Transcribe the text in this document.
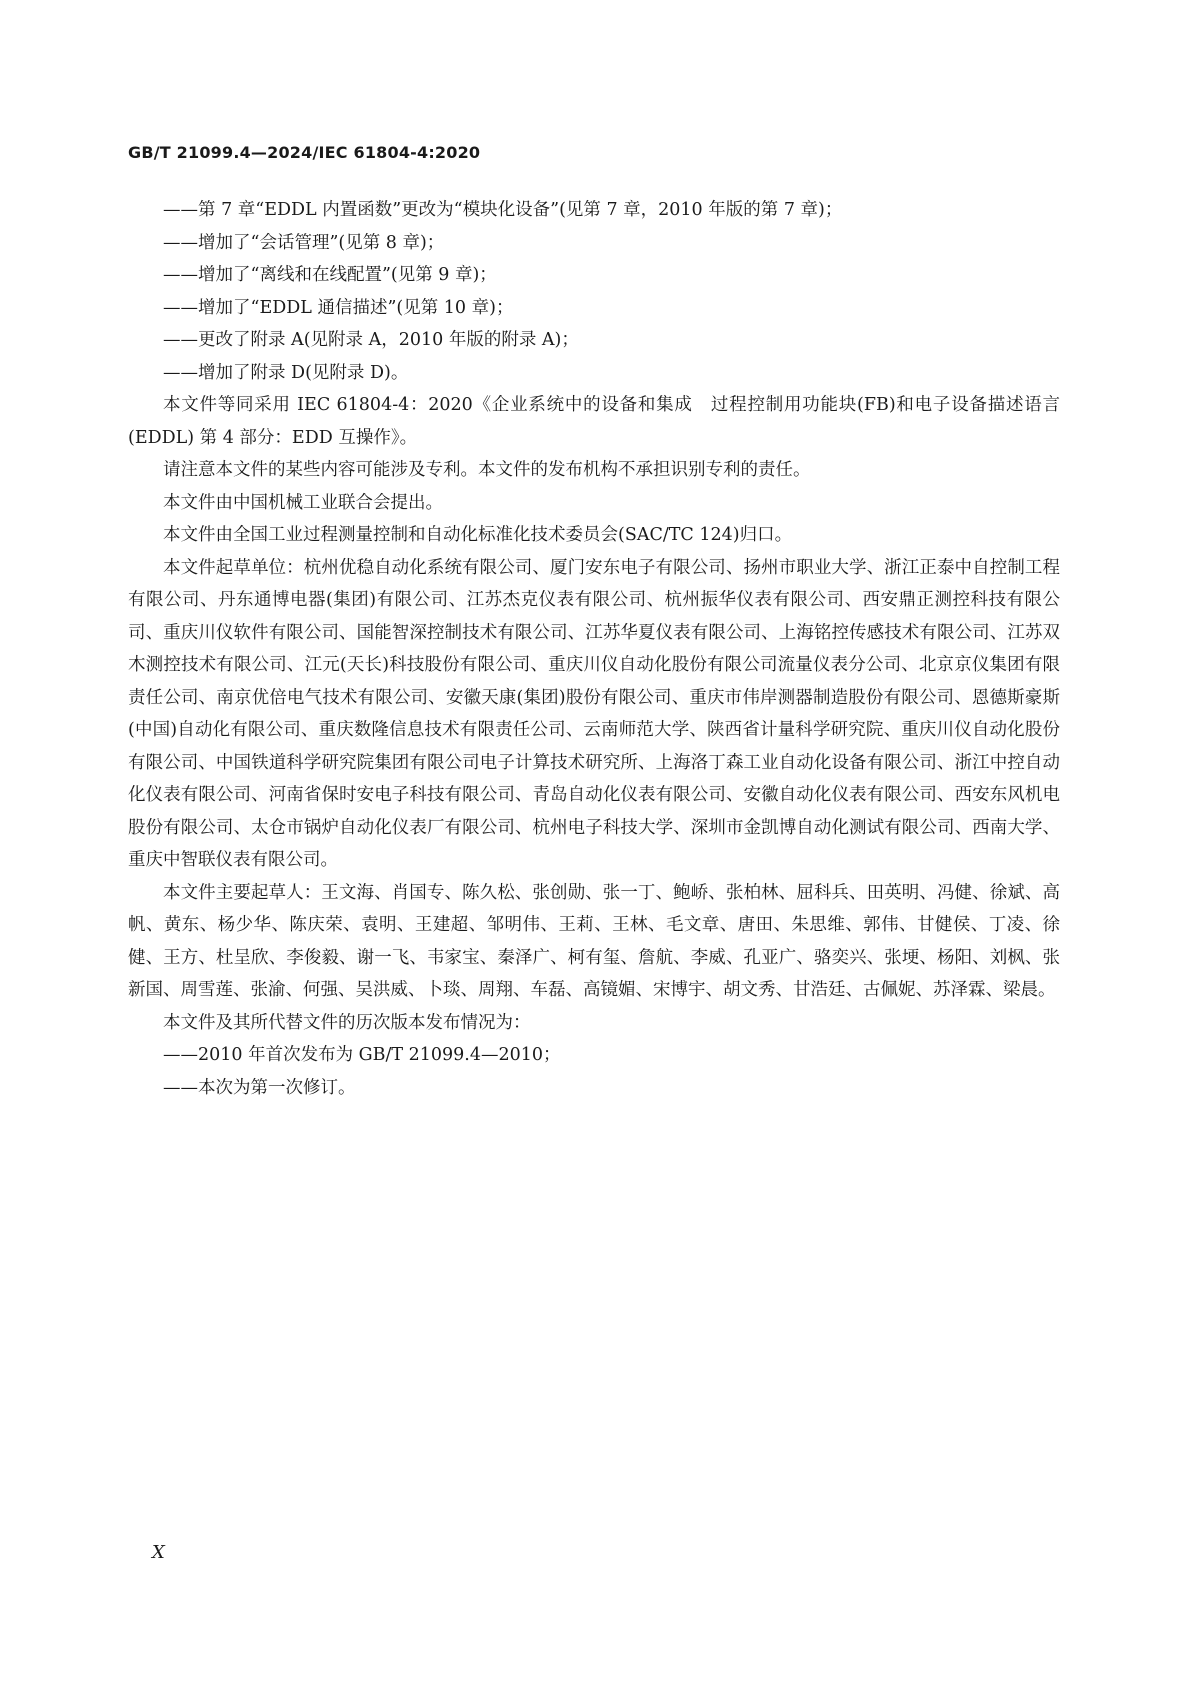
GB/T 21099.4—2024/IEC 61804-4:2020

——第 7 章“EDDL 内置函数”更改为“模块化设备”(见第 7 章，2010 年版的第 7 章)；

——增加了“会话管理”(见第 8 章)；

——增加了“离线和在线配置”(见第 9 章)；

——增加了“EDDL 通信描述”(见第 10 章)；

——更改了附录 A(见附录 A，2010 年版的附录 A)；

——增加了附录 D(见附录 D)。

本文件等同采用 IEC 61804-4：2020《企业系统中的设备和集成　过程控制用功能块(FB)和电子设备描述语言(EDDL) 第 4 部分：EDD 互操作》。

请注意本文件的某些内容可能涉及专利。本文件的发布机构不承担识别专利的责任。

本文件由中国机械工业联合会提出。

本文件由全国工业过程测量控制和自动化标准化技术委员会(SAC/TC 124)归口。

本文件起草单位：杭州优稳自动化系统有限公司、厦门安东电子有限公司、扬州市职业大学、浙江正泰中自控制工程有限公司、丹东通博电器(集团)有限公司、江苏杰克仪表有限公司、杭州振华仪表有限公司、西安鼎正测控科技有限公司、重庆川仪软件有限公司、国能智深控制技术有限公司、江苏华夏仪表有限公司、上海铭控传感技术有限公司、江苏双木测控技术有限公司、江元(天长)科技股份有限公司、重庆川仪自动化股份有限公司流量仪表分公司、北京京仪集团有限责任公司、南京优倍电气技术有限公司、安徽天康(集团)股份有限公司、重庆市伟岸测器制造股份有限公司、恩德斯豪斯(中国)自动化有限公司、重庆数隆信息技术有限责任公司、云南师范大学、陕西省计量科学研究院、重庆川仪自动化股份有限公司、中国铁道科学研究院集团有限公司电子计算技术研究所、上海洛丁森工业自动化设备有限公司、浙江中控自动化仪表有限公司、河南省保时安电子科技有限公司、青岛自动化仪表有限公司、安徽自动化仪表有限公司、西安东风机电股份有限公司、太仓市锅炉自动化仪表厂有限公司、杭州电子科技大学、深圳市金凯博自动化测试有限公司、西南大学、重庆中智联仪表有限公司。

本文件主要起草人：王文海、肖国专、陈久松、张创勋、张一丁、鲍峤、张柏林、屈科兵、田英明、冯健、徐斌、高帆、黄东、杨少华、陈庆荣、袁明、王建超、邹明伟、王莉、王林、毛文章、唐田、朱思维、郭伟、甘健侯、丁凌、徐健、王方、杜呈欣、李俊毅、谢一飞、韦家宝、秦泽广、柯有玺、詹航、李威、孔亚广、骆奕兴、张埂、杨阳、刘枫、张新国、周雪莲、张渝、何强、吴洪威、卜琰、周翔、车磊、高镜媚、宋博宇、胡文秀、甘浩廷、古佩妮、苏泽霖、梁晨。

本文件及其所代替文件的历次版本发布情况为：

——2010 年首次发布为 GB/T 21099.4—2010；

——本次为第一次修订。

X
